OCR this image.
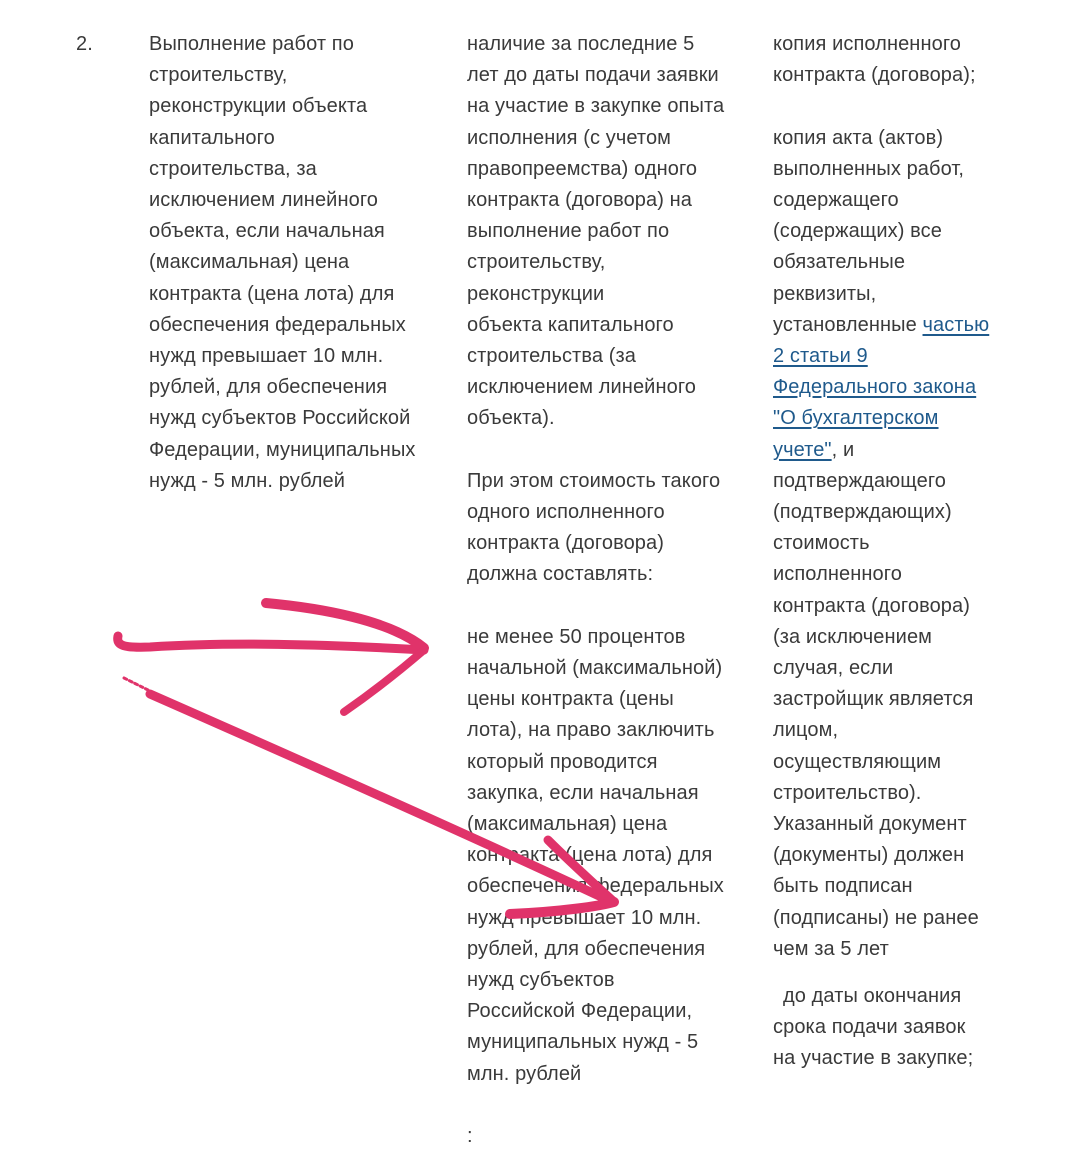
2.	Выполнение работ по
строительству,
реконструкции объекта
капитального
строительства, за
исключением линейного
объекта, если начальная
(максимальная) цена
контракта (цена лота) для
обеспечения федеральных
нужд превышает 10 млн.
рублей, для обеспечения
нужд субъектов Российской
Федерации, муниципальных
нужд - 5 млн. рублей
наличие за последние 5
лет до даты подачи заявки
на участие в закупке опыта
исполнения (с учетом
правопреемства) одного
контракта (договора) на
выполнение работ по
строительству,
реконструкции
объекта капитального
строительства (за
исключением линейного
объекта).
При этом стоимость такого
одного исполненного
контракта (договора)
должна составлять:
не менее 50 процентов
начальной (максимальной)
цены контракта (цены
лота), на право заключить
который проводится
закупка, если начальная
(максимальная) цена
контракта (цена лота) для
обеспечения федеральных
нужд превышает 10 млн.
рублей, для обеспечения
нужд субъектов
Российской Федерации,
муниципальных нужд - 5
млн. рублей
:
копия исполненного
контракта (договора);
копия акта (актов)
выполненных работ,
содержащего
(содержащих) все
обязательные
реквизиты,
установленные частью
2 статьи 9
Федерального закона
"О бухгалтерском
учете", и
подтверждающего
(подтверждающих)
стоимость
исполненного
контракта (договора)
(за исключением
случая, если
застройщик является
лицом,
осуществляющим
строительство).
Указанный документ
(документы) должен
быть подписан
(подписаны) не ранее
чем за 5 лет
до даты окончания
срока подачи заявок
на участие в закупке;
